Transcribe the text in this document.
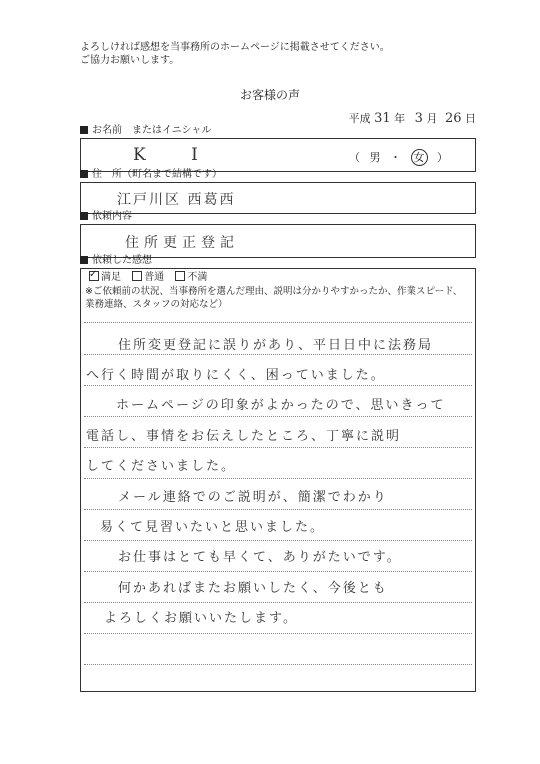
よろしければ感想を当事務所のホームページに掲載させてください。
ご協力お願いします。
お客様の声
平成 31 年 3 月 26 日
お名前　またはイニシャル
K I	（ 男 ・ 女 ）
住　所（町名まで結構です）
江戸川区 西葛西
依頼内容
住所更正登記
依頼した感想
✓満足 普通 不満
※ご依頼前の状況、当事務所を選んだ理由、説明は分かりやすかったか、作業スピード、
業務連絡、スタッフの対応など）
住所変更登記に誤りがあり、平日日中に法務局
へ行く時間が取りにくく、困っていました。
ホームページの印象がよかったので、思いきって
電話し、事情をお伝えしたところ、丁寧に説明
してくださいました。
メール連絡でのご説明が、簡潔でわかり
易くて見習いたいと思いました。
お仕事はとても早くて、ありがたいです。
何かあればまたお願いしたく、今後とも
よろしくお願いいたします。
